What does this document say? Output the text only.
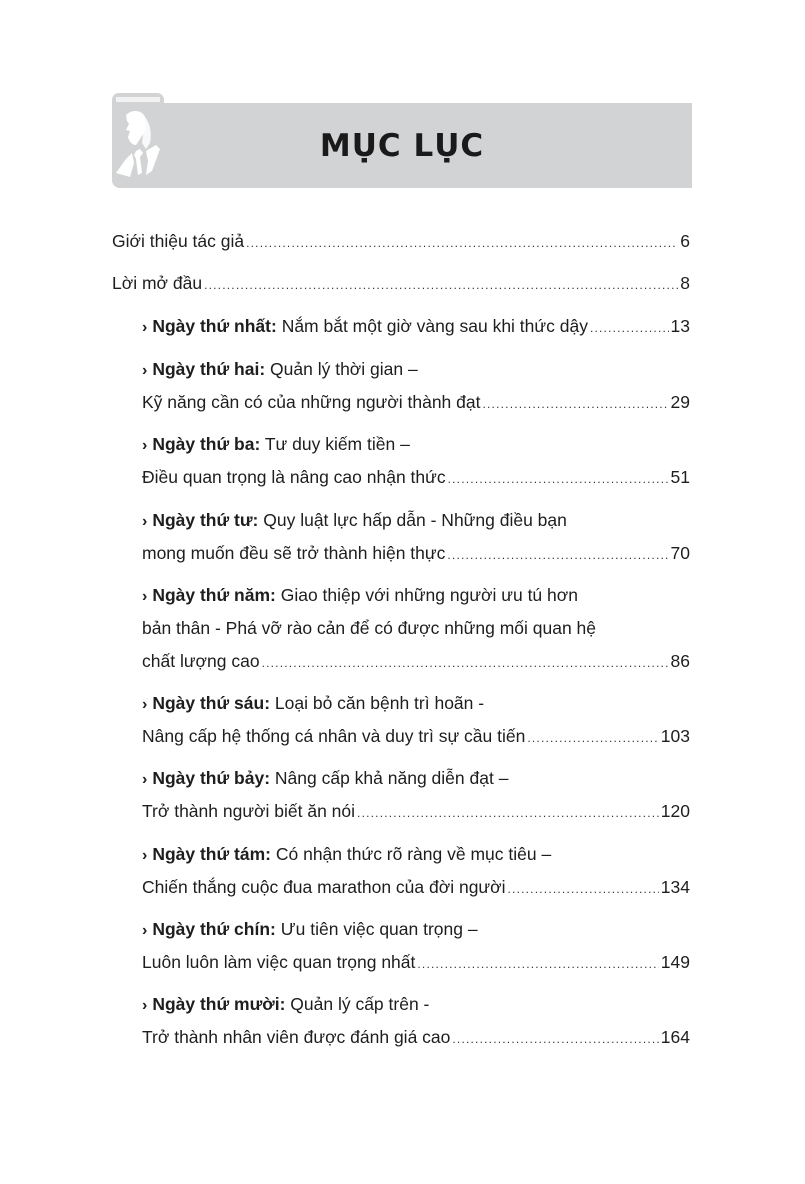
MỤC LỤC
Giới thiệu tác giả .....	6
Lời mở đầu .....	8
› Ngày thứ nhất: Nắm bắt một giờ vàng sau khi thức dậy .....	13
› Ngày thứ hai: Quản lý thời gian –
Kỹ năng cần có của những người thành đạt .....	29
› Ngày thứ ba: Tư duy kiếm tiền –
Điều quan trọng là nâng cao nhận thức .....	51
› Ngày thứ tư: Quy luật lực hấp dẫn - Những điều bạn
mong muốn đều sẽ trở thành hiện thực .....	70
› Ngày thứ năm: Giao thiệp với những người ưu tú hơn
bản thân - Phá vỡ rào cản để có được những mối quan hệ
chất lượng cao .....	86
› Ngày thứ sáu: Loại bỏ căn bệnh trì hoãn -
Nâng cấp hệ thống cá nhân và duy trì sự cầu tiến .....	103
› Ngày thứ bảy: Nâng cấp khả năng diễn đạt –
Trở thành người biết ăn nói .....	120
› Ngày thứ tám: Có nhận thức rõ ràng về mục tiêu –
Chiến thắng cuộc đua marathon của đời người .....	134
› Ngày thứ chín: Ưu tiên việc quan trọng –
Luôn luôn làm việc quan trọng nhất .....	149
› Ngày thứ mười: Quản lý cấp trên -
Trở thành nhân viên được đánh giá cao .....	164
